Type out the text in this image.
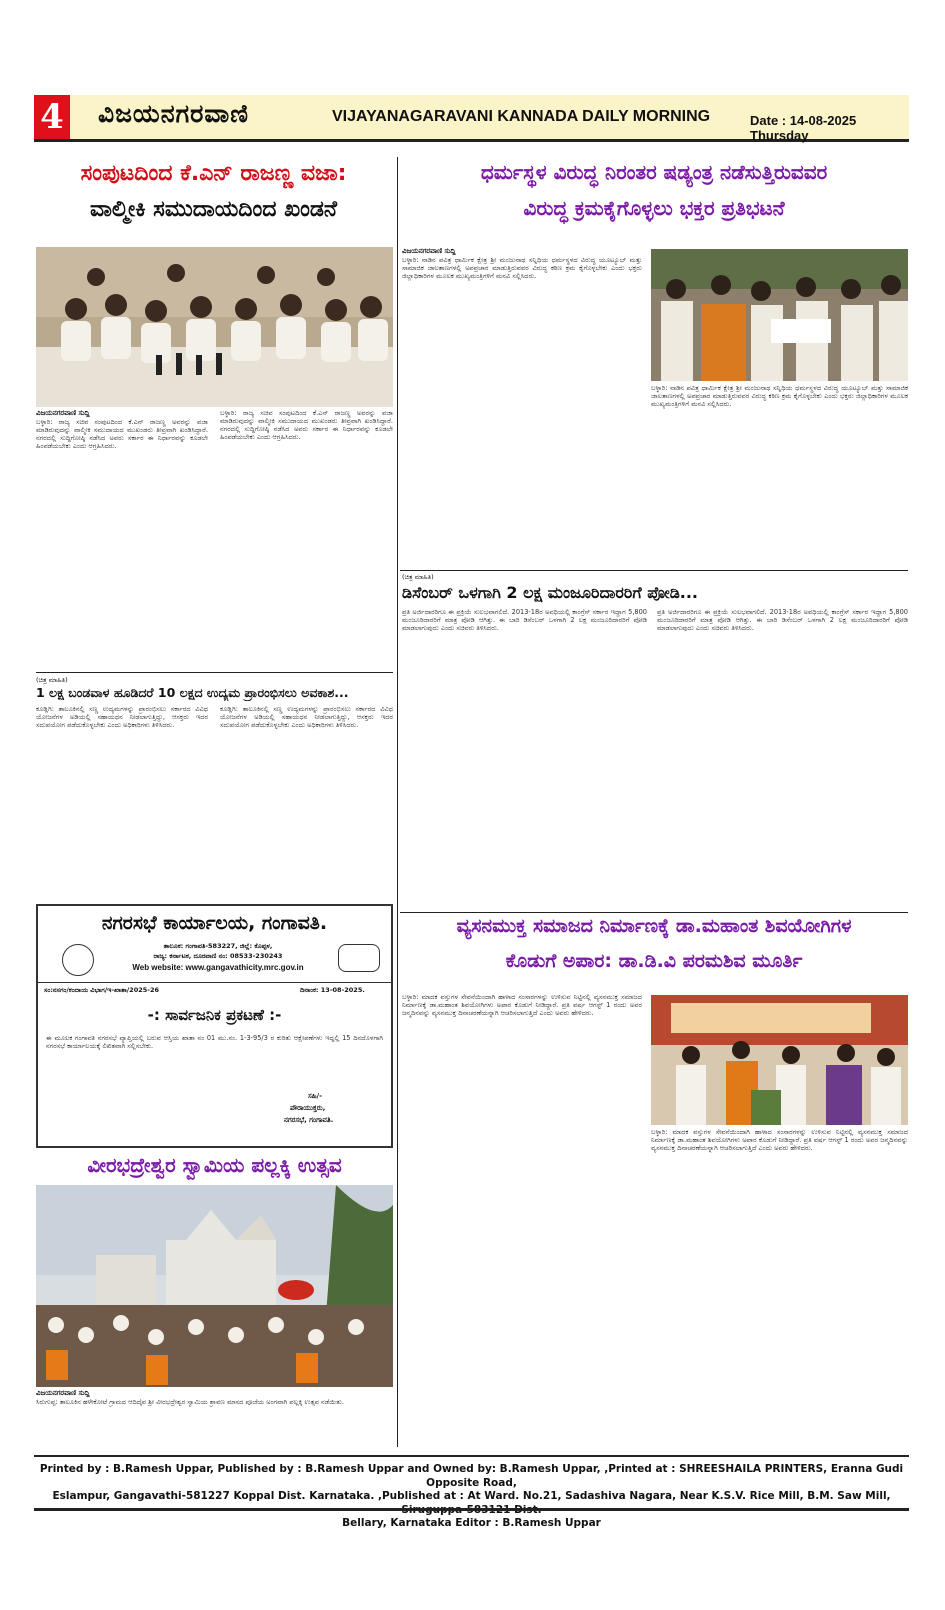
4 ವಿಜಯನಗರವಾಣಿ	VIJAYANAGARAVANI KANNADA DAILY MORNING	Date : 14-08-2025 Thursday
ಸಂಪುಟದಿಂದ ಕೆ.ಎನ್ ರಾಜಣ್ಣ ವಜಾ:
ವಾಲ್ಮೀಕಿ ಸಮುದಾಯದಿಂದ ಖಂಡನೆ
ವಿಜಯನಗರವಾಣಿ ಸುದ್ದಿ
ಬಳ್ಳಾರಿ: ರಾಜ್ಯ ಸಚಿವ ಸಂಪುಟದಿಂದ ಕೆ.ಎನ್ ರಾಜಣ್ಣ ಅವರನ್ನು ವಜಾ ಮಾಡಿರುವುದನ್ನು ವಾಲ್ಮೀಕಿ ಸಮುದಾಯದ ಮುಖಂಡರು ತೀವ್ರವಾಗಿ ಖಂಡಿಸಿದ್ದಾರೆ. ನಗರದಲ್ಲಿ ಸುದ್ದಿಗೋಷ್ಠಿ ನಡೆಸಿದ ಅವರು ಸರ್ಕಾರ ಈ ನಿರ್ಧಾರವನ್ನು ಕೂಡಲೇ ಹಿಂಪಡೆಯಬೇಕು ಎಂದು ಆಗ್ರಹಿಸಿದರು.
ಬಳ್ಳಾರಿ: ರಾಜ್ಯ ಸಚಿವ ಸಂಪುಟದಿಂದ ಕೆ.ಎನ್ ರಾಜಣ್ಣ ಅವರನ್ನು ವಜಾ ಮಾಡಿರುವುದನ್ನು ವಾಲ್ಮೀಕಿ ಸಮುದಾಯದ ಮುಖಂಡರು ತೀವ್ರವಾಗಿ ಖಂಡಿಸಿದ್ದಾರೆ. ನಗರದಲ್ಲಿ ಸುದ್ದಿಗೋಷ್ಠಿ ನಡೆಸಿದ ಅವರು ಸರ್ಕಾರ ಈ ನಿರ್ಧಾರವನ್ನು ಕೂಡಲೇ ಹಿಂಪಡೆಯಬೇಕು ಎಂದು ಆಗ್ರಹಿಸಿದರು.
(ಚಿತ್ರ ಮಾಹಿತಿ)
1 ಲಕ್ಷ ಬಂಡವಾಳ ಹೂಡಿದರೆ 10 ಲಕ್ಷದ ಉದ್ಯಮ ಪ್ರಾರಂಭಿಸಲು ಅವಕಾಶ...
ಕೂಡ್ಲಿಗಿ: ತಾಲೂಕಿನಲ್ಲಿ ಸಣ್ಣ ಉದ್ಯಮಗಳನ್ನು ಪ್ರಾರಂಭಿಸಲು ಸರ್ಕಾರದ ವಿವಿಧ ಯೋಜನೆಗಳ ಅಡಿಯಲ್ಲಿ ಸಹಾಯಧನ ನೀಡಲಾಗುತ್ತಿದ್ದು, ಆಸಕ್ತರು ಇದರ ಸದುಪಯೋಗ ಪಡೆದುಕೊಳ್ಳಬೇಕು ಎಂದು ಅಧಿಕಾರಿಗಳು ತಿಳಿಸಿದರು.
ಕೂಡ್ಲಿಗಿ: ತಾಲೂಕಿನಲ್ಲಿ ಸಣ್ಣ ಉದ್ಯಮಗಳನ್ನು ಪ್ರಾರಂಭಿಸಲು ಸರ್ಕಾರದ ವಿವಿಧ ಯೋಜನೆಗಳ ಅಡಿಯಲ್ಲಿ ಸಹಾಯಧನ ನೀಡಲಾಗುತ್ತಿದ್ದು, ಆಸಕ್ತರು ಇದರ ಸದುಪಯೋಗ ಪಡೆದುಕೊಳ್ಳಬೇಕು ಎಂದು ಅಧಿಕಾರಿಗಳು ತಿಳಿಸಿದರು.
ನಗರಸಭೆ ಕಾರ್ಯಾಲಯ, ಗಂಗಾವತಿ.
ತಾಲೂಕ: ಗಂಗಾವತಿ-583227, ಜಿಲ್ಲೆ: ಕೊಪ್ಪಳ,
ರಾಜ್ಯ: ಕರ್ನಾಟಕ, ದೂರವಾಣಿ ನಂ: 08533-230243
Web website: www.gangavathicity.mrc.gov.in
ಸಂ:ನಸಗಂ/ಕಂದಾಯ ವಿಭಾಗ/ಇ-ಖಾತಾ/2025-26	ದಿನಾಂಕ: 13-08-2025.
-: ಸಾರ್ವಜನಿಕ ಪ್ರಕಟಣೆ :-
ಈ ಮೂಲಕ ಗಂಗಾವತಿ ನಗರಸಭೆ ವ್ಯಾಪ್ತಿಯಲ್ಲಿ ಬರುವ ಆಸ್ತಿಯ ಖಾತಾ ನಂ 01 ಮು.ನಂ. 1-3-95/3 ರ ಕುರಿತು ಆಕ್ಷೇಪಣೆಗಳು ಇದ್ದಲ್ಲಿ 15 ದಿನದೊಳಗಾಗಿ ನಗರಸಭೆ ಕಾರ್ಯಾಲಯಕ್ಕೆ ಲಿಖಿತವಾಗಿ ಸಲ್ಲಿಸಬೇಕು.
ಸಹಿ/-
ಪೌರಾಯುಕ್ತರು,
ನಗರಸಭೆ, ಗಂಗಾವತಿ.
ವೀರಭದ್ರೇಶ್ವರ ಸ್ವಾಮಿಯ ಪಲ್ಲಕ್ಕಿ ಉತ್ಸವ
ವಿಜಯನಗರವಾಣಿ ಸುದ್ದಿ
ಸಿರುಗುಪ್ಪ: ತಾಲೂಕಿನ ಹಳೇಕೋಟೆ ಗ್ರಾಮದ ಆದಿದೈವ ಶ್ರೀ ವೀರಭದ್ರೇಶ್ವರ ಸ್ವಾಮಿಯ ಶ್ರಾವಣ ಮಾಸದ ಪೂಜೆಯ ಅಂಗವಾಗಿ ಪಲ್ಲಕ್ಕಿ ಉತ್ಸವ ನಡೆಯಿತು.
ಧರ್ಮಸ್ಥಳ ವಿರುದ್ಧ ನಿರಂತರ ಷಡ್ಯಂತ್ರ ನಡೆಸುತ್ತಿರುವವರ
ವಿರುದ್ಧ ಕ್ರಮಕೈಗೊಳ್ಳಲು ಭಕ್ತರ ಪ್ರತಿಭಟನೆ
ವಿಜಯನಗರವಾಣಿ ಸುದ್ದಿ
ಬಳ್ಳಾರಿ: ನಾಡಿನ ಪವಿತ್ರ ಧಾರ್ಮಿಕ ಕ್ಷೇತ್ರ ಶ್ರೀ ಮಂಜುನಾಥ ಸನ್ನಿಧಿಯ ಧರ್ಮಸ್ಥಳದ ವಿರುದ್ಧ ಯೂಟ್ಯೂಬ್ ಮತ್ತು ಸಾಮಾಜಿಕ ಜಾಲತಾಣಗಳಲ್ಲಿ ಅಪಪ್ರಚಾರ ಮಾಡುತ್ತಿರುವವರ ವಿರುದ್ಧ ಕಠಿಣ ಕ್ರಮ ಕೈಗೊಳ್ಳಬೇಕು ಎಂದು ಭಕ್ತರು ಜಿಲ್ಲಾಧಿಕಾರಿಗಳ ಮೂಲಕ ಮುಖ್ಯಮಂತ್ರಿಗಳಿಗೆ ಮನವಿ ಸಲ್ಲಿಸಿದರು.
ಬಳ್ಳಾರಿ: ನಾಡಿನ ಪವಿತ್ರ ಧಾರ್ಮಿಕ ಕ್ಷೇತ್ರ ಶ್ರೀ ಮಂಜುನಾಥ ಸನ್ನಿಧಿಯ ಧರ್ಮಸ್ಥಳದ ವಿರುದ್ಧ ಯೂಟ್ಯೂಬ್ ಮತ್ತು ಸಾಮಾಜಿಕ ಜಾಲತಾಣಗಳಲ್ಲಿ ಅಪಪ್ರಚಾರ ಮಾಡುತ್ತಿರುವವರ ವಿರುದ್ಧ ಕಠಿಣ ಕ್ರಮ ಕೈಗೊಳ್ಳಬೇಕು ಎಂದು ಭಕ್ತರು ಜಿಲ್ಲಾಧಿಕಾರಿಗಳ ಮೂಲಕ ಮುಖ್ಯಮಂತ್ರಿಗಳಿಗೆ ಮನವಿ ಸಲ್ಲಿಸಿದರು.
(ಚಿತ್ರ ಮಾಹಿತಿ)
ಡಿಸೆಂಬರ್ ಒಳಗಾಗಿ 2 ಲಕ್ಷ ಮಂಜೂರಿದಾರರಿಗೆ ಪೋಡಿ...
ಪ್ರತಿ ಅರ್ಜಿದಾರರಿಗೂ ಈ ಪ್ರಕ್ರಿಯೆ ಸುಲಭವಾಗಲಿದೆ. 2013-18ರ ಅವಧಿಯಲ್ಲಿ ಕಾಂಗ್ರೆಸ್ ಸರ್ಕಾರ ಇದ್ದಾಗ 5,800 ಮಂಜೂರಿದಾರರಿಗೆ ಮಾತ್ರ ಪೋಡಿ ಆಗಿತ್ತು. ಈ ಬಾರಿ ಡಿಸೆಂಬರ್ ಒಳಗಾಗಿ 2 ಲಕ್ಷ ಮಂಜೂರಿದಾರರಿಗೆ ಪೋಡಿ ಮಾಡಲಾಗುವುದು ಎಂದು ಸಚಿವರು ತಿಳಿಸಿದರು.
ಪ್ರತಿ ಅರ್ಜಿದಾರರಿಗೂ ಈ ಪ್ರಕ್ರಿಯೆ ಸುಲಭವಾಗಲಿದೆ. 2013-18ರ ಅವಧಿಯಲ್ಲಿ ಕಾಂಗ್ರೆಸ್ ಸರ್ಕಾರ ಇದ್ದಾಗ 5,800 ಮಂಜೂರಿದಾರರಿಗೆ ಮಾತ್ರ ಪೋಡಿ ಆಗಿತ್ತು. ಈ ಬಾರಿ ಡಿಸೆಂಬರ್ ಒಳಗಾಗಿ 2 ಲಕ್ಷ ಮಂಜೂರಿದಾರರಿಗೆ ಪೋಡಿ ಮಾಡಲಾಗುವುದು ಎಂದು ಸಚಿವರು ತಿಳಿಸಿದರು.
ವ್ಯಸನಮುಕ್ತ ಸಮಾಜದ ನಿರ್ಮಾಣಕ್ಕೆ ಡಾ.ಮಹಾಂತ ಶಿವಯೋಗಿಗಳ
ಕೊಡುಗೆ ಅಪಾರ: ಡಾ.ಡಿ.ವಿ ಪರಮಶಿವ ಮೂರ್ತಿ
ಬಳ್ಳಾರಿ: ಮಾದಕ ವಸ್ತುಗಳ ಸೇವನೆಯಿಂದಾಗಿ ಹಾಳಾದ ಸಂಸಾರಗಳನ್ನು ಉಳಿಸುವ ನಿಟ್ಟಿನಲ್ಲಿ ವ್ಯಸನಮುಕ್ತ ಸಮಾಜದ ನಿರ್ಮಾಣಕ್ಕೆ ಡಾ.ಮಹಾಂತ ಶಿವಯೋಗಿಗಳು ಅಪಾರ ಕೊಡುಗೆ ನೀಡಿದ್ದಾರೆ. ಪ್ರತಿ ವರ್ಷ ಆಗಸ್ಟ್ 1 ರಂದು ಅವರ ಜನ್ಮದಿನವನ್ನು ವ್ಯಸನಮುಕ್ತ ದಿನಾಚರಣೆಯನ್ನಾಗಿ ಆಚರಿಸಲಾಗುತ್ತಿದೆ ಎಂದು ಅವರು ಹೇಳಿದರು.
ಬಳ್ಳಾರಿ: ಮಾದಕ ವಸ್ತುಗಳ ಸೇವನೆಯಿಂದಾಗಿ ಹಾಳಾದ ಸಂಸಾರಗಳನ್ನು ಉಳಿಸುವ ನಿಟ್ಟಿನಲ್ಲಿ ವ್ಯಸನಮುಕ್ತ ಸಮಾಜದ ನಿರ್ಮಾಣಕ್ಕೆ ಡಾ.ಮಹಾಂತ ಶಿವಯೋಗಿಗಳು ಅಪಾರ ಕೊಡುಗೆ ನೀಡಿದ್ದಾರೆ. ಪ್ರತಿ ವರ್ಷ ಆಗಸ್ಟ್ 1 ರಂದು ಅವರ ಜನ್ಮದಿನವನ್ನು ವ್ಯಸನಮುಕ್ತ ದಿನಾಚರಣೆಯನ್ನಾಗಿ ಆಚರಿಸಲಾಗುತ್ತಿದೆ ಎಂದು ಅವರು ಹೇಳಿದರು.
Printed by : B.Ramesh Uppar, Published by : B.Ramesh Uppar and Owned by: B.Ramesh Uppar, ,Printed at : SHREESHAILA PRINTERS, Eranna Gudi Opposite Road,
Eslampur, Gangavathi-581227 Koppal Dist. Karnataka. ,Published at : At Ward. No.21, Sadashiva Nagara, Near K.S.V. Rice Mill, B.M. Saw Mill,
Bellary, Karnataka Editor : B.Ramesh Uppar
